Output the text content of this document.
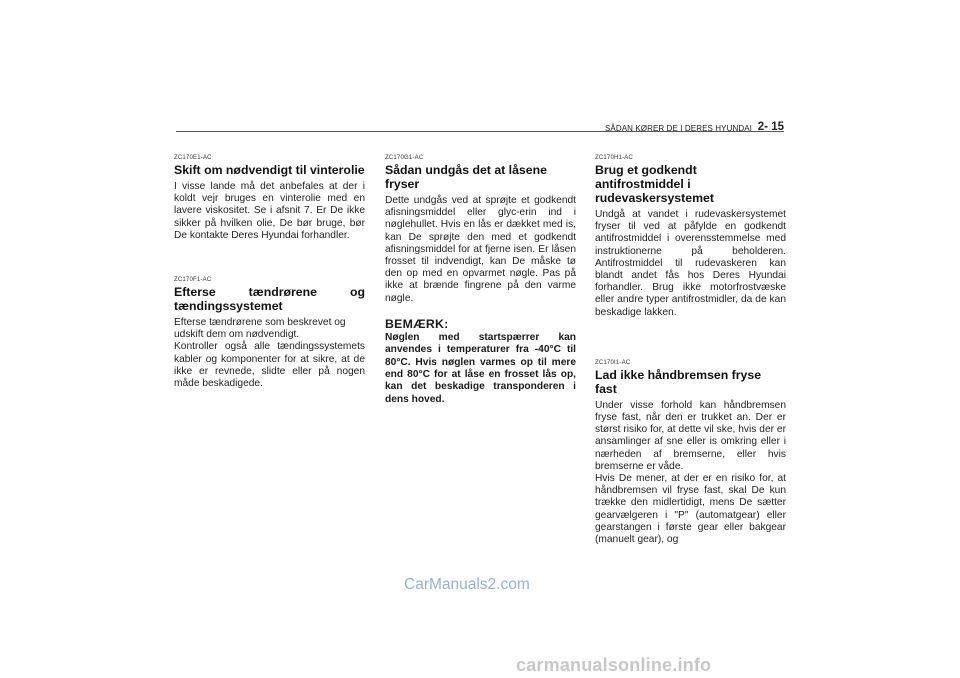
SÅDAN KØRER DE I DERES HYUNDAI 2- 15
ZC170E1-AC
Skift om nødvendigt til vinterolie

I visse lande må det anbefales at der i koldt vejr bruges en vinterolie med en lavere viskositet. Se i afsnit 7. Er De ikke sikker på hvilken olie, De bør bruge, bør De kontakte Deres Hyundai forhandler.

ZC170F1-AC
Efterse tændrørene og
tændingssystemet

Efterse tændrørene som beskrevet og udskift dem om nødvendigt.

Kontroller også alle tændingssystemets kabler og komponenter for at sikre, at de ikke er revnede, slidte eller på nogen måde beskadigede.

ZC170G1-AC
Sådan undgås det at låsene fryser

Dette undgås ved at sprøjte et godkendt afisningsmiddel eller glyc-erin ind i nøglehullet. Hvis en lås er dækket med is, kan De sprøjte den med et godkendt afisningsmiddel for at fjerne isen. Er låsen frosset til indvendigt, kan De måske tø den op med en opvarmet nøgle. Pas på ikke at brænde fingrene på den varme nøgle.

BEMÆRK:
Nøglen med startspærrer kan anvendes i temperaturer fra -40°C til 80°C. Hvis nøglen varmes op til mere end 80°C for at låse en frosset lås op, kan det beskadige transponderen i dens hoved.
ZC170H1-AC
Brug et godkendt antifrostmiddel i rudevaskersystemet

Undgå at vandet i rudevaskersystemet fryser til ved at påfylde en godkendt antifrostmiddel i overensstemmelse med instruktionerne på beholderen. Antifrostmiddel til rudevaskeren kan blandt andet fås hos Deres Hyundai forhandler. Brug ikke motorfrostvæske eller andre typer antifrostmidler, da de kan beskadige lakken.

ZC170I1-AC
Lad ikke håndbremsen fryse fast

Under visse forhold kan håndbremsen fryse fast, når den er trukket an. Der er størst risiko for, at dette vil ske, hvis der er ansamlinger af sne eller is omkring eller i nærheden af bremserne, eller hvis bremserne er våde.

Hvis De mener, at der er en risiko for, at håndbremsen vil fryse fast, skal De kun trække den midlertidigt, mens De sætter gearvælgeren i "P" (automatgear) eller gearstangen i første gear eller bakgear (manuelt gear), og

CarManuals2.com
carmanualsonline.info
